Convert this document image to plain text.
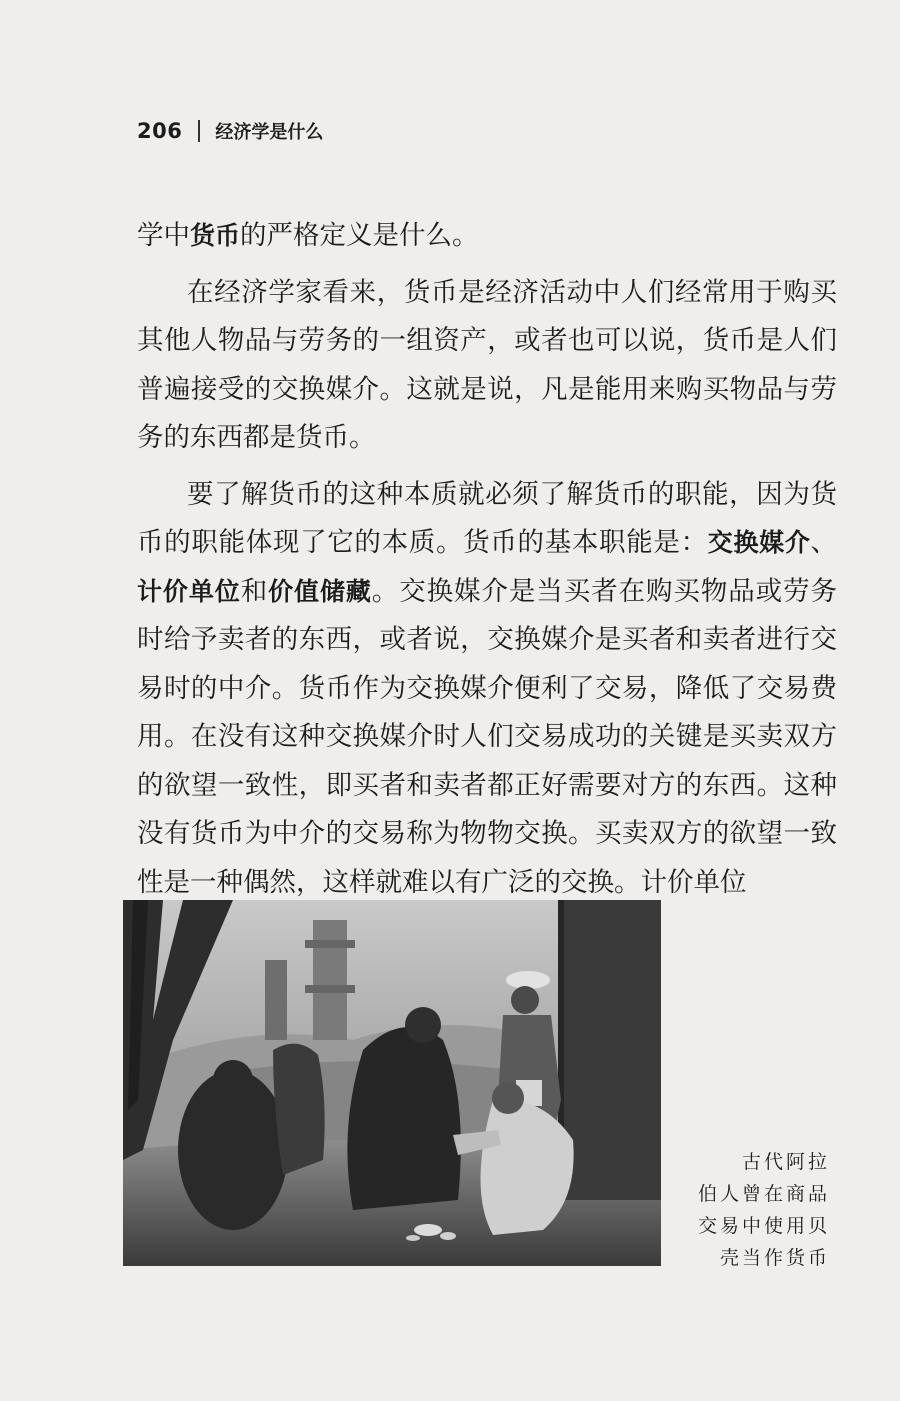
206 经济学是什么

学中货币的严格定义是什么。

在经济学家看来，货币是经济活动中人们经常用于购买其他人物品与劳务的一组资产，或者也可以说，货币是人们普遍接受的交换媒介。这就是说，凡是能用来购买物品与劳务的东西都是货币。

要了解货币的这种本质就必须了解货币的职能，因为货币的职能体现了它的本质。货币的基本职能是：交换媒介、计价单位和价值储藏。交换媒介是当买者在购买物品或劳务时给予卖者的东西，或者说，交换媒介是买者和卖者进行交易时的中介。货币作为交换媒介便利了交易，降低了交易费用。在没有这种交换媒介时人们交易成功的关键是买卖双方的欲望一致性，即买者和卖者都正好需要对方的东西。这种没有货币为中介的交易称为物物交换。买卖双方的欲望一致性是一种偶然，这样就难以有广泛的交换。计价单位

古代阿拉
伯人曾在商品
交易中使用贝
壳当作货币
